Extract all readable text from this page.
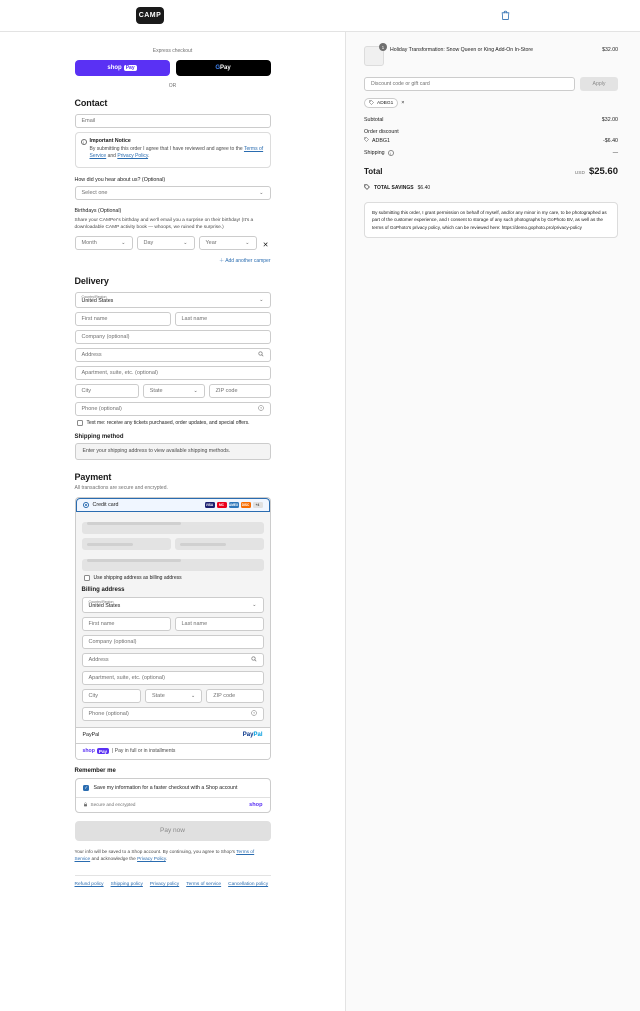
CAMP
Express checkout
shop Pay	G Pay
OR
Contact
Email
i	Important Notice
By submitting this order I agree that I have reviewed and agree to the Terms of Service and Privacy Policy.
How did you hear about us? (Optional)
Select one	⌄
Birthdays (Optional)
Share your CAMPer's birthday and we'll email you a surprise on their birthday! (It's a downloadable CAMP activity book — whoops, we ruined the surprise.)
Month	⌄	Day	⌄	Year	⌄ ✕
＋ Add another camper
Delivery
Country/Region
United States	⌄
First name	Last name
Company (optional)
Address
Apartment, suite, etc. (optional)
City	State	⌄	ZIP code
Phone (optional)	?
Text me: receive any tickets purchased, order updates, and special offers.
Shipping method
Enter your shipping address to view available shipping methods.
Payment
All transactions are secure and encrypted.
Credit card	VISA	MC	AMEX	DISC	+4
Use shipping address as billing address
Billing address
Country/Region
United States	⌄
First name	Last name
Company (optional)
Address
Apartment, suite, etc. (optional)
City	State	⌄	ZIP code
Phone (optional)	?
PayPal	PayPal
shop Pay	| Pay in full or in installments
Remember me
✓
Save my information for a faster checkout with a Shop account
Secure and encrypted	shop
Pay now
Your info will be saved to a Shop account. By continuing, you agree to Shop's Terms of Service and acknowledge the Privacy Policy.
Refund policy Shipping policy Privacy policy Terms of service Cancellation policy
1	Holiday Transformation: Snow Queen or King Add-On In-Store	$32.00
Discount code or gift card	Apply
ADBG1 ×
Subtotal	$32.00
Order discount
ADBG1	-$6.40
Shipping	i	—
Total	USD $25.60
TOTAL SAVINGS $6.40
By submitting this order, I grant permission on behalf of myself, and/or any minor in my care, to be photographed as part of the customer experience, and I consent to storage of any such photographs by GoPhoto BV, as well as the terms of GoPhoto's privacy policy, which can be reviewed here: https://demo.gophoto.pro/privacy-policy
